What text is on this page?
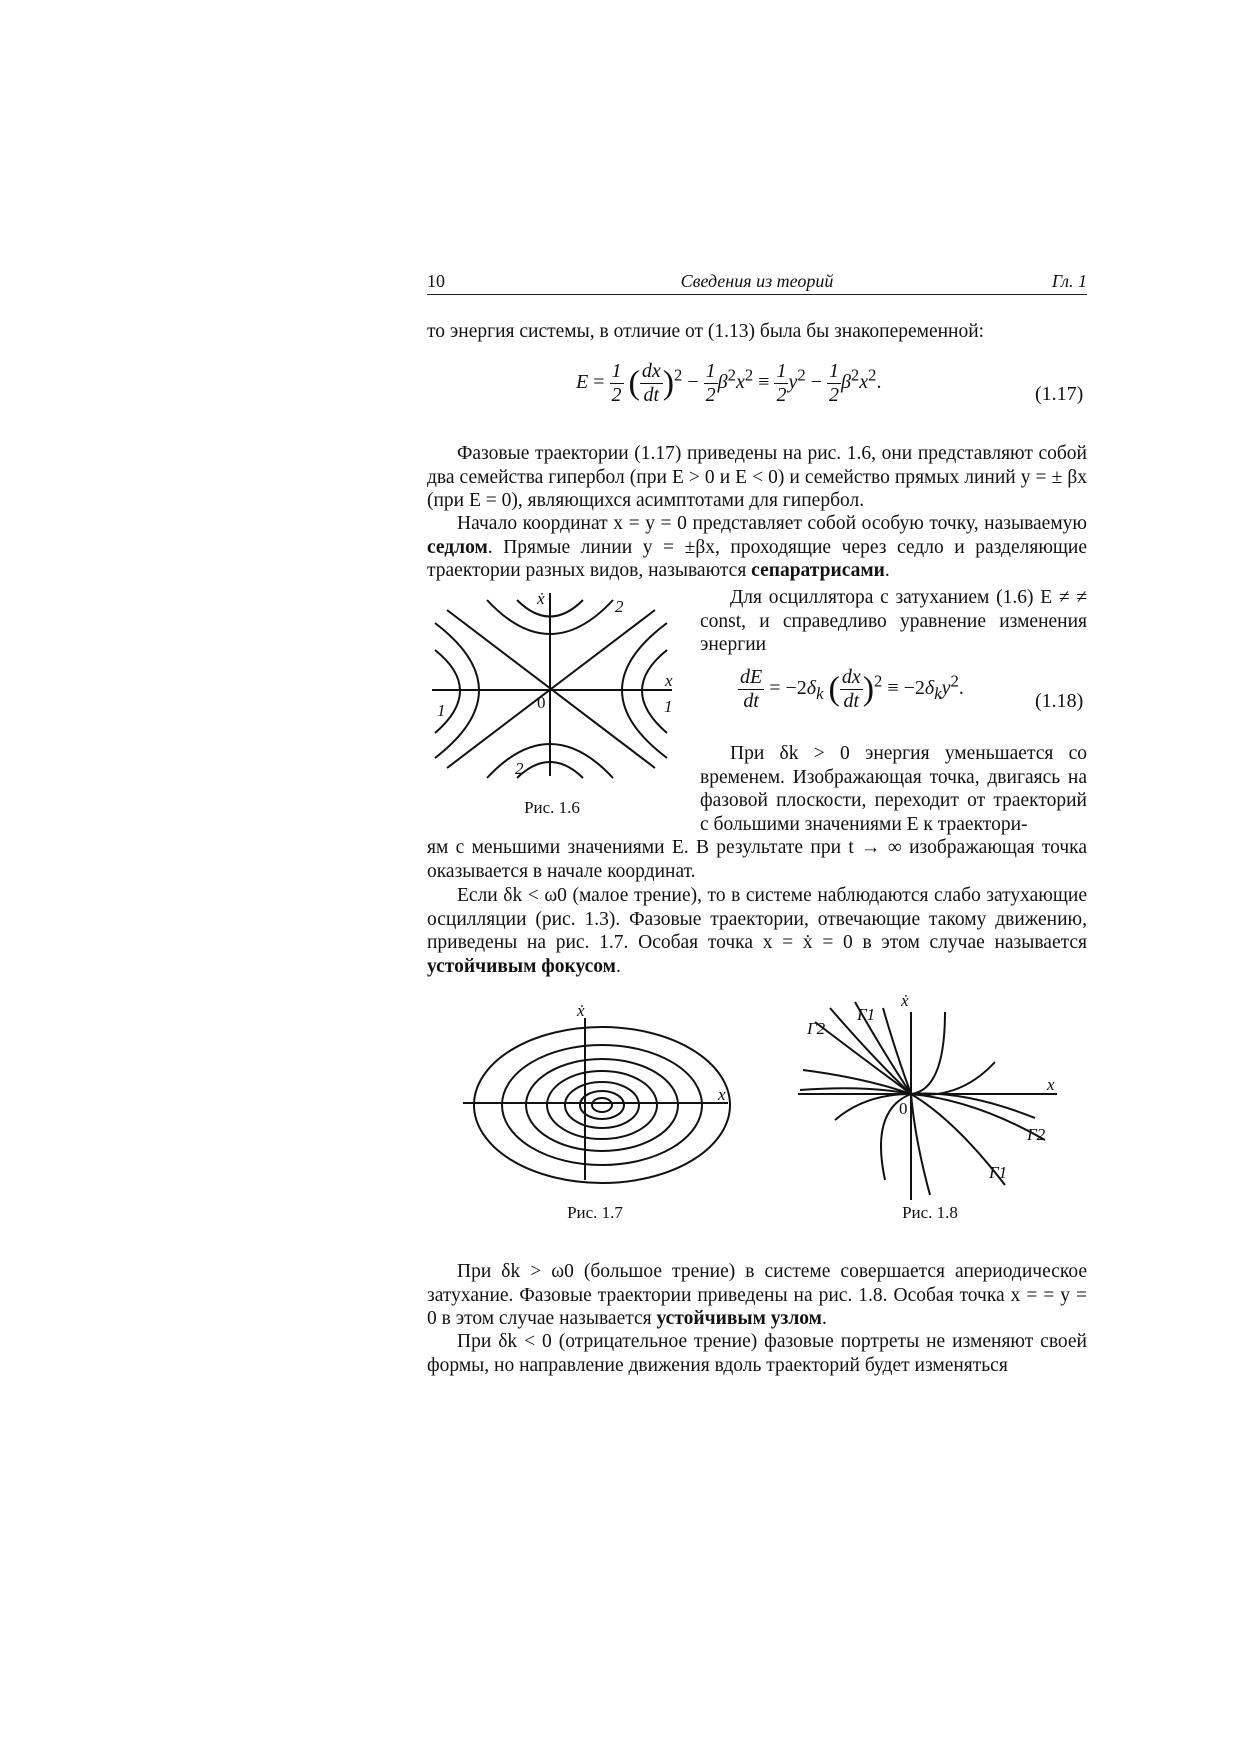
10	Сведения из теорий	Гл. 1
то энергия системы, в отличие от (1.13) была бы знакопеременной:
$E = \frac{1}{2}$ ( $\frac{dx}{dt} )^2 - \frac{1}{2} \beta^2x^2 \equiv \frac{1}{2} y^2 - \frac{1}{2} \beta^2x^2$.
(1.17)
Фазовые траектории (1.17) приведены на рис. 1.6, они представляют собой два семейства гипербол (при E > 0 и E < 0) и семейство прямых линий y = ± βx (при E = 0), являющихся асимптотами для гипербол.
Начало координат x = y = 0 представляет собой особую точку, называемую седлом. Прямые линии y = ±βx, проходящие через седло и разделяющие траектории разных видов, называются сепаратрисами.
ẋ
x
0
1	1
2
2
Рис. 1.6
Для осциллятора с затуханием (1.6) E ≠ ≠ const, и справедливо уравнение изменения энергии
$\frac{dE}{dt} = -2\delta_k$ ( $\frac{dx}{dt} )^2 \equiv -2\delta_ky^2$.
(1.18)
При δk > 0 энергия уменьшается со временем. Изображающая точка, двигаясь на фазовой плоскости, переходит от траекторий с большими значениями E к траектори-
ям с меньшими значениями E. В результате при t → ∞ изображающая точка оказывается в начале координат.
Если δk < ω0 (малое трение), то в системе наблюдаются слабо затухающие осцилляции (рис. 1.3). Фазовые траектории, отвечающие такому движению, приведены на рис. 1.7. Особая точка x = ẋ = 0 в этом случае называется устойчивым фокусом.
ẋ
x
Рис. 1.7
ẋ
x
0
Γ1
Γ2
Γ2
Γ1
Рис. 1.8
При δk > ω0 (большое трение) в системе совершается апериодическое затухание. Фазовые траектории приведены на рис. 1.8. Особая точка x = = y = 0 в этом случае называется устойчивым узлом.
При δk < 0 (отрицательное трение) фазовые портреты не изменяют своей формы, но направление движения вдоль траекторий будет изменяться
